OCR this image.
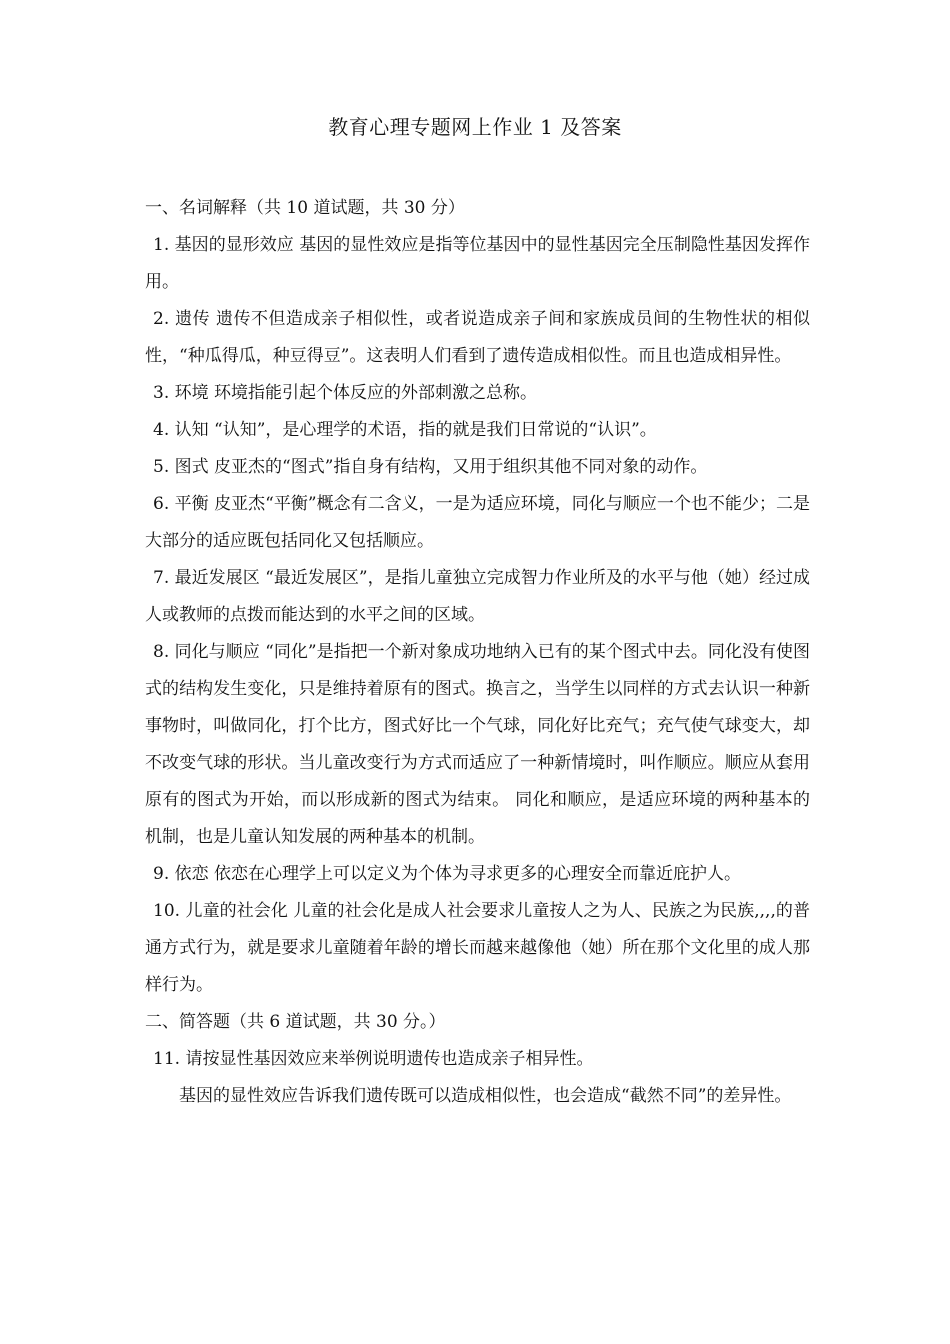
教育心理专题网上作业 1 及答案

一、名词解释（共 10 道试题，共 30 分）

1. 基因的显形效应 基因的显性效应是指等位基因中的显性基因完全压制隐性基因发挥作用。

2. 遗传 遗传不但造成亲子相似性，或者说造成亲子间和家族成员间的生物性状的相似性，“种瓜得瓜，种豆得豆”。这表明人们看到了遗传造成相似性。而且也造成相异性。

3. 环境 环境指能引起个体反应的外部刺激之总称。

4. 认知 “认知”，是心理学的术语，指的就是我们日常说的“认识”。

5. 图式 皮亚杰的“图式”指自身有结构，又用于组织其他不同对象的动作。

6. 平衡 皮亚杰“平衡”概念有二含义，一是为适应环境，同化与顺应一个也不能少；二是大部分的适应既包括同化又包括顺应。

7. 最近发展区 “最近发展区”，是指儿童独立完成智力作业所及的水平与他（她）经过成人或教师的点拨而能达到的水平之间的区域。

8. 同化与顺应 “同化”是指把一个新对象成功地纳入已有的某个图式中去。同化没有使图式的结构发生变化，只是维持着原有的图式。换言之，当学生以同样的方式去认识一种新事物时，叫做同化，打个比方，图式好比一个气球，同化好比充气；充气使气球变大，却不改变气球的形状。当儿童改变行为方式而适应了一种新情境时，叫作顺应。顺应从套用原有的图式为开始，而以形成新的图式为结束。 同化和顺应，是适应环境的两种基本的机制，也是儿童认知发展的两种基本的机制。

9. 依恋 依恋在心理学上可以定义为个体为寻求更多的心理安全而靠近庇护人。

10. 儿童的社会化 儿童的社会化是成人社会要求儿童按人之为人、民族之为民族,,,,的普通方式行为，就是要求儿童随着年龄的增长而越来越像他（她）所在那个文化里的成人那样行为。

二、简答题（共 6 道试题，共 30 分。）

11. 请按显性基因效应来举例说明遗传也造成亲子相异性。

基因的显性效应告诉我们遗传既可以造成相似性，也会造成“截然不同”的差异性。
